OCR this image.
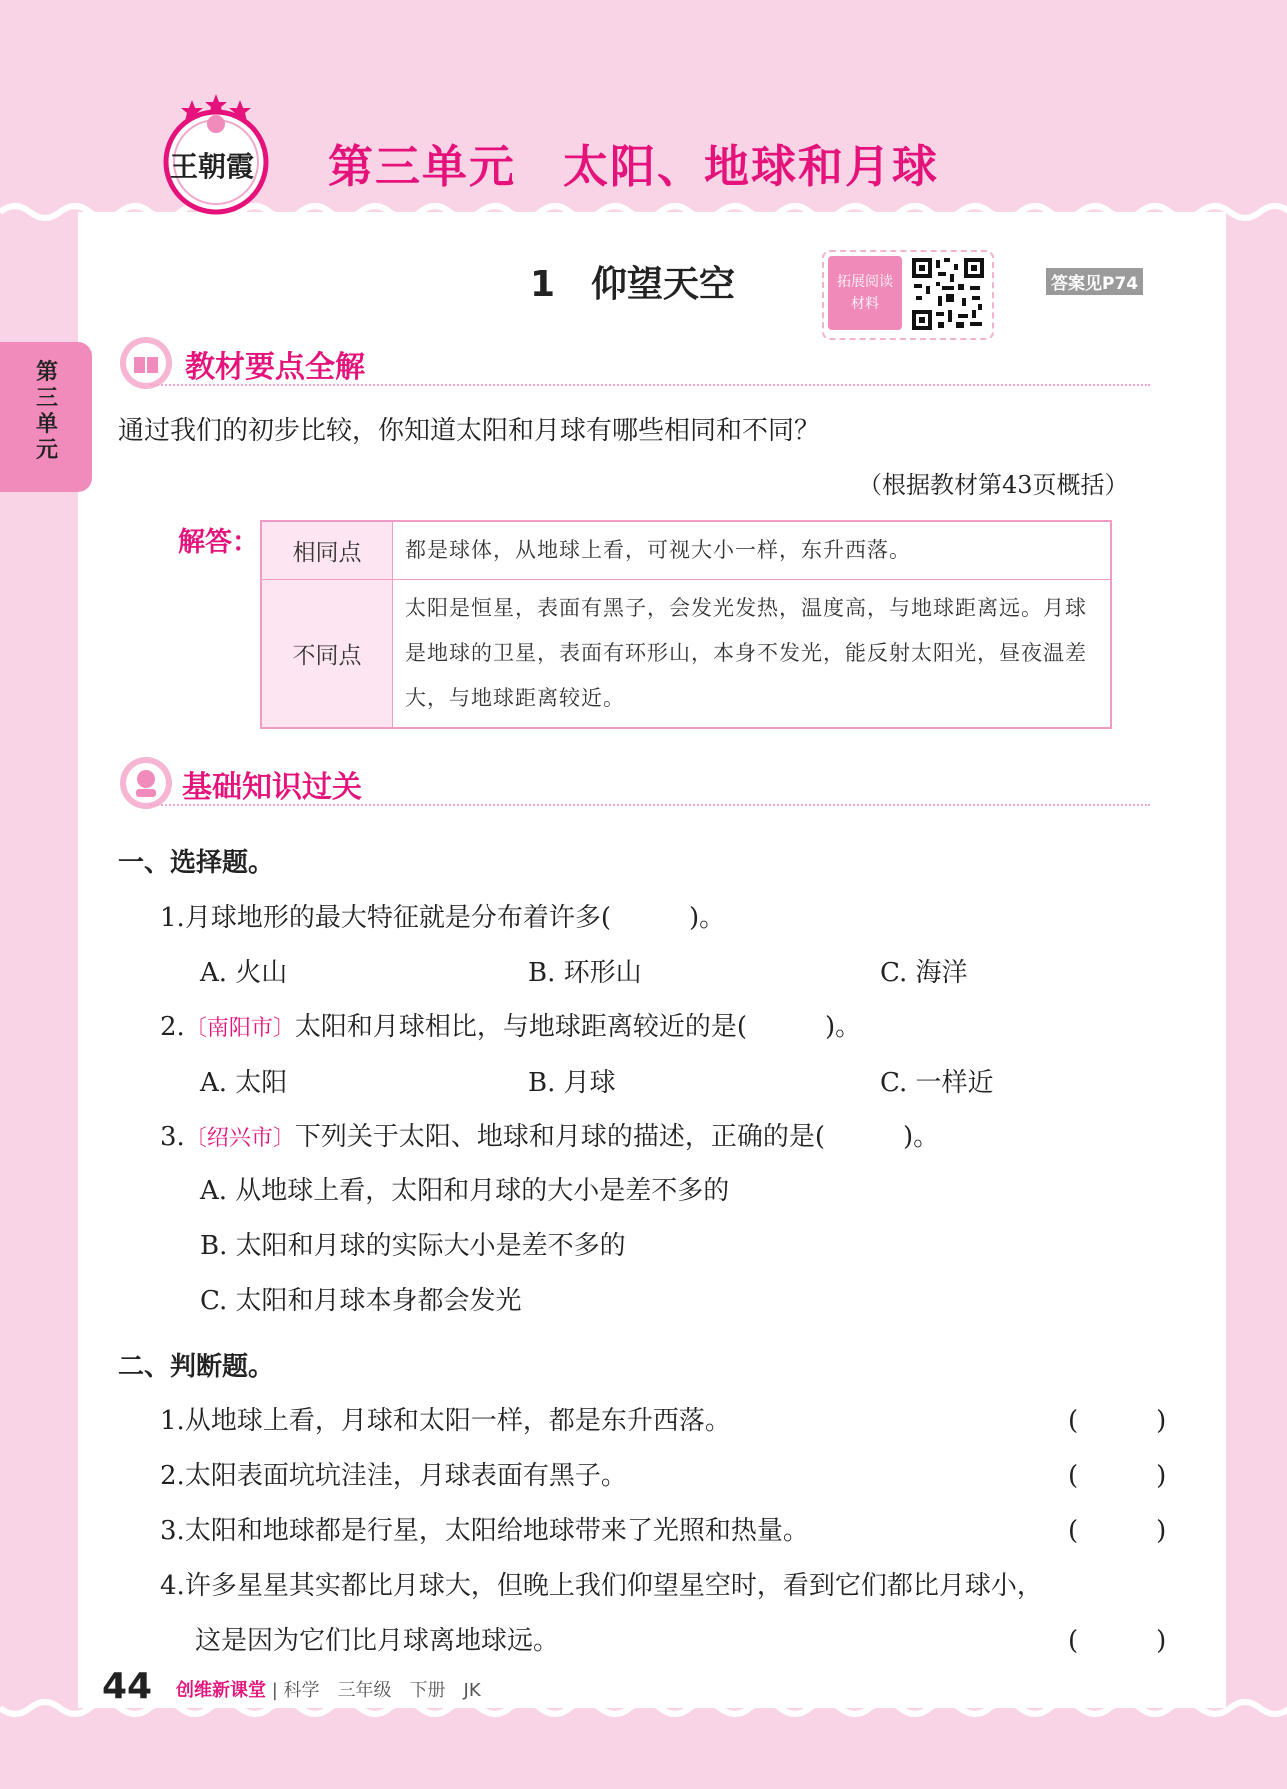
王朝霞 第三单元　太阳、地球和月球
第三单元
1　仰望天空	拓展阅读材料
答案见P74
教材要点全解
通过我们的初步比较，你知道太阳和月球有哪些相同和不同？
（根据教材第43页概括）
解答： 相同点	都是球体，从地球上看，可视大小一样，东升西落。
不同点	太阳是恒星，表面有黑子，会发光发热，温度高，与地球距离远。月球是地球的卫星，表面有环形山，本身不发光，能反射太阳光，昼夜温差大，与地球距离较近。
基础知识过关
一、选择题。
1.月球地形的最大特征就是分布着许多(　　　)。
A. 火山	B. 环形山	C. 海洋
2.〔南阳市〕太阳和月球相比，与地球距离较近的是(　　　)。
A. 太阳	B. 月球	C. 一样近
3.〔绍兴市〕下列关于太阳、地球和月球的描述，正确的是(　　　)。
A. 从地球上看，太阳和月球的大小是差不多的
B. 太阳和月球的实际大小是差不多的
C. 太阳和月球本身都会发光
二、判断题。
1.从地球上看，月球和太阳一样，都是东升西落。	(　　　)
2.太阳表面坑坑洼洼，月球表面有黑子。	(　　　)
3.太阳和地球都是行星，太阳给地球带来了光照和热量。	(　　　)
4.许多星星其实都比月球大，但晚上我们仰望星空时，看到它们都比月球小，
这是因为它们比月球离地球远。	(　　　)
44 创维新课堂 | 科学　三年级　下册　JK
